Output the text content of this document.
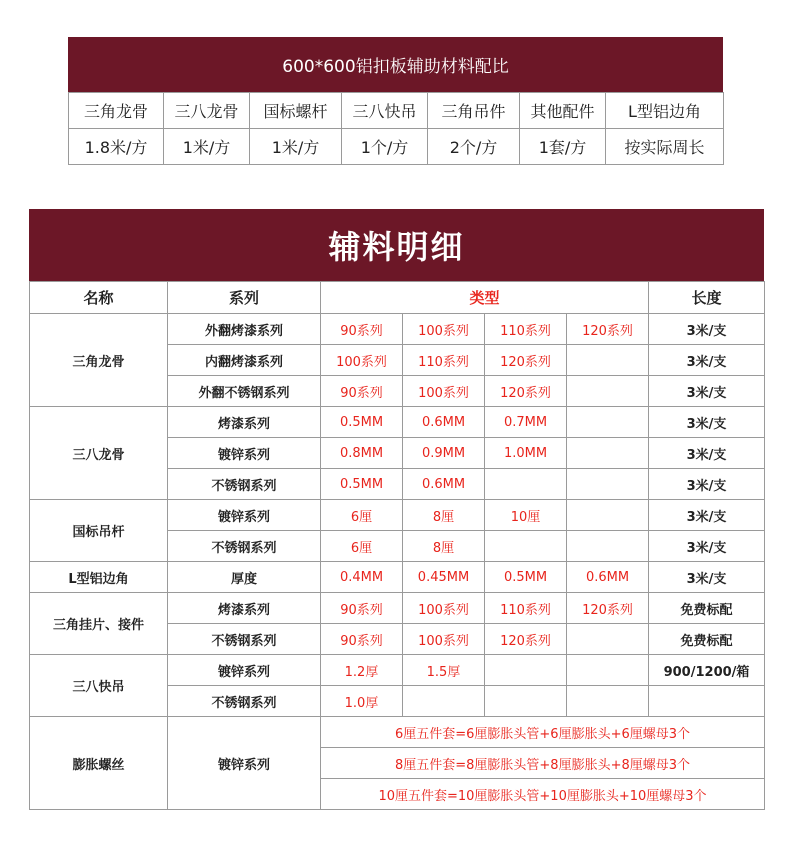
600*600铝扣板辅助材料配比
三角龙骨	三八龙骨	国标螺杆	三八快吊	三角吊件	其他配件	L型铝边角
1.8米/方	1米/方	1米/方	1个/方	2个/方	1套/方	按实际周长
辅料明细
名称	系列	类型				长度
三角龙骨	外翻烤漆系列	90系列	100系列	110系列	120系列	3米/支
	内翻烤漆系列	100系列	110系列	120系列		3米/支
	外翻不锈钢系列	90系列	100系列	120系列		3米/支
三八龙骨	烤漆系列	0.5MM	0.6MM	0.7MM		3米/支
	镀锌系列	0.8MM	0.9MM	1.0MM		3米/支
	不锈钢系列	0.5MM	0.6MM			3米/支
国标吊杆	镀锌系列	6厘	8厘	10厘		3米/支
	不锈钢系列	6厘	8厘			3米/支
L型铝边角	厚度	0.4MM	0.45MM	0.5MM	0.6MM	3米/支
三角挂片、接件	烤漆系列	90系列	100系列	110系列	120系列	免费标配
	不锈钢系列	90系列	100系列	120系列		免费标配
三八快吊	镀锌系列	1.2厚	1.5厚			900/1200/箱
	不锈钢系列	1.0厚				
膨胀螺丝	镀锌系列	6厘五件套=6厘膨胀头管+6厘膨胀头+6厘螺母3个				
		8厘五件套=8厘膨胀头管+8厘膨胀头+8厘螺母3个				
		10厘五件套=10厘膨胀头管+10厘膨胀头+10厘螺母3个				
